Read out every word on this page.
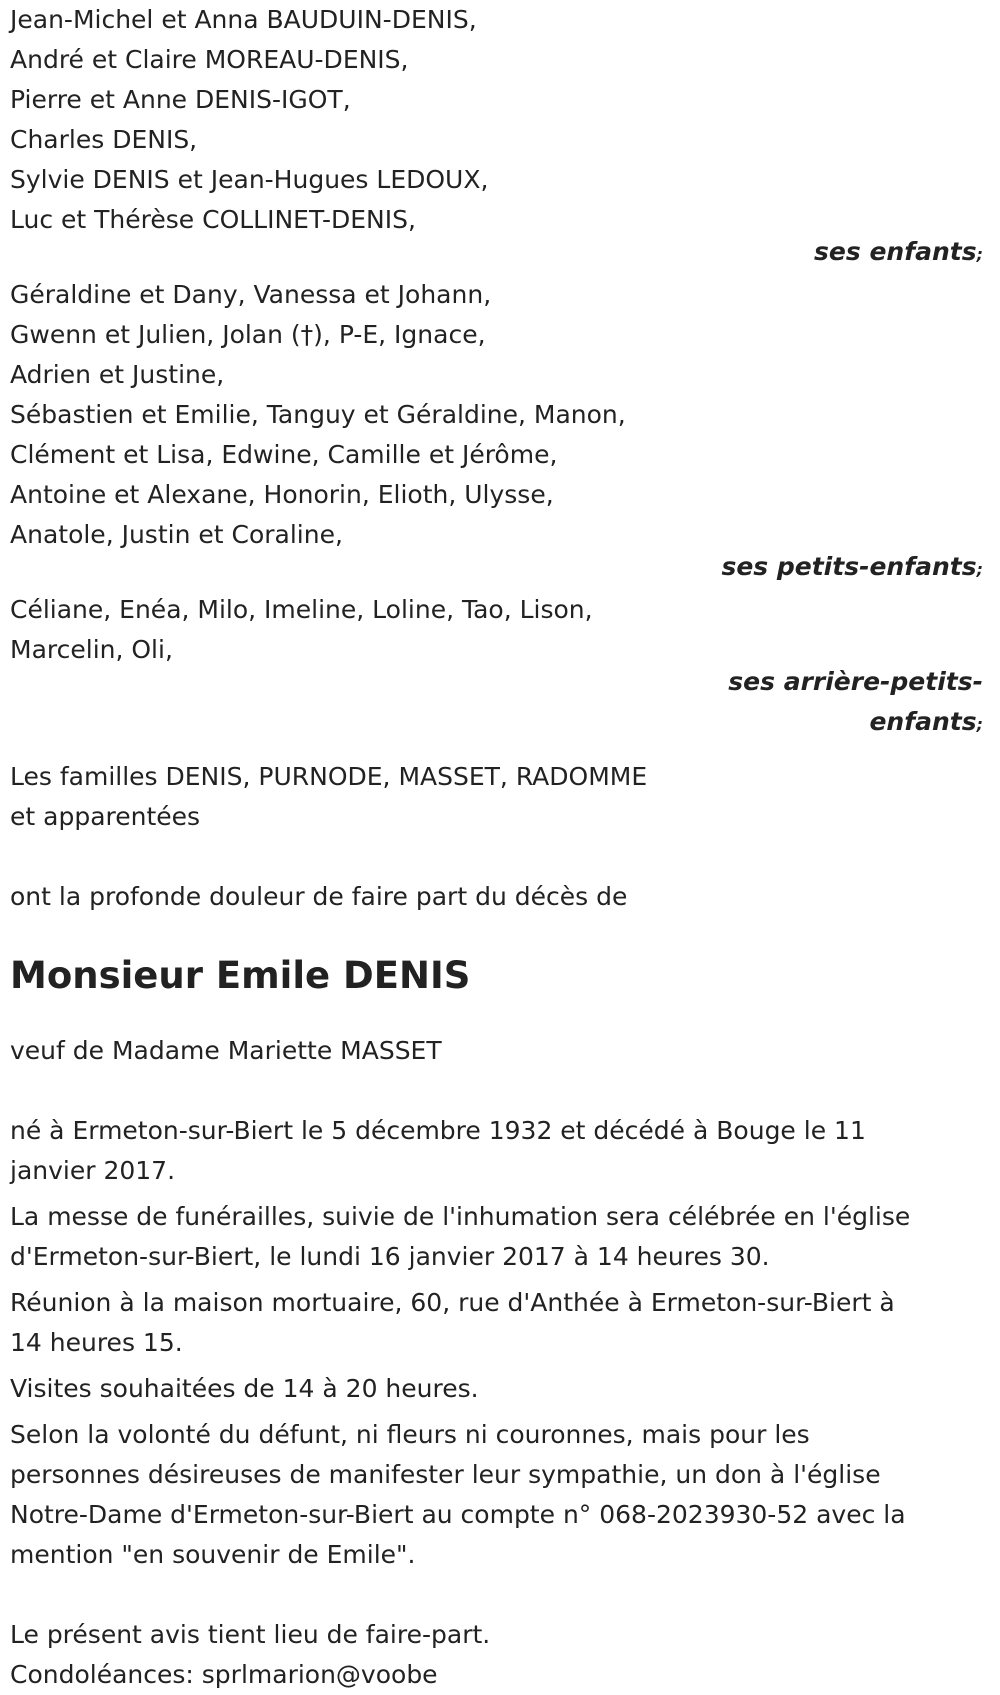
Jean-Michel et Anna BAUDUIN-DENIS,
André et Claire MOREAU-DENIS,
Pierre et Anne DENIS-IGOT,
Charles DENIS,
Sylvie DENIS et Jean-Hugues LEDOUX,
Luc et Thérèse COLLINET-DENIS,
ses enfants;
Géraldine et Dany, Vanessa et Johann,
Gwenn et Julien, Jolan (†), P-E, Ignace,
Adrien et Justine,
Sébastien et Emilie, Tanguy et Géraldine, Manon,
Clément et Lisa, Edwine, Camille et Jérôme,
Antoine et Alexane, Honorin, Elioth, Ulysse,
Anatole, Justin et Coraline,
ses petits-enfants;
Céliane, Enéa, Milo, Imeline, Loline, Tao, Lison,
Marcelin, Oli,
ses arrière-petits-
enfants;
Les familles DENIS, PURNODE, MASSET, RADOMME
et apparentées

ont la profonde douleur de faire part du décès de

Monsieur Emile DENIS

veuf de Madame Mariette MASSET

né à Ermeton-sur-Biert le 5 décembre 1932 et décédé à Bouge le 11
janvier 2017.
La messe de funérailles, suivie de l'inhumation sera célébrée en l'église
d'Ermeton-sur-Biert, le lundi 16 janvier 2017 à 14 heures 30.
Réunion à la maison mortuaire, 60, rue d'Anthée à Ermeton-sur-Biert à
14 heures 15.

Visites souhaitées de 14 à 20 heures.

Selon la volonté du défunt, ni fleurs ni couronnes, mais pour les
personnes désireuses de manifester leur sympathie, un don à l'église
Notre-Dame d'Ermeton-sur-Biert au compte n° 068-2023930-52 avec la
mention "en souvenir de Emile".
Le présent avis tient lieu de faire-part.
Condoléances: sprlmarion@voobe
